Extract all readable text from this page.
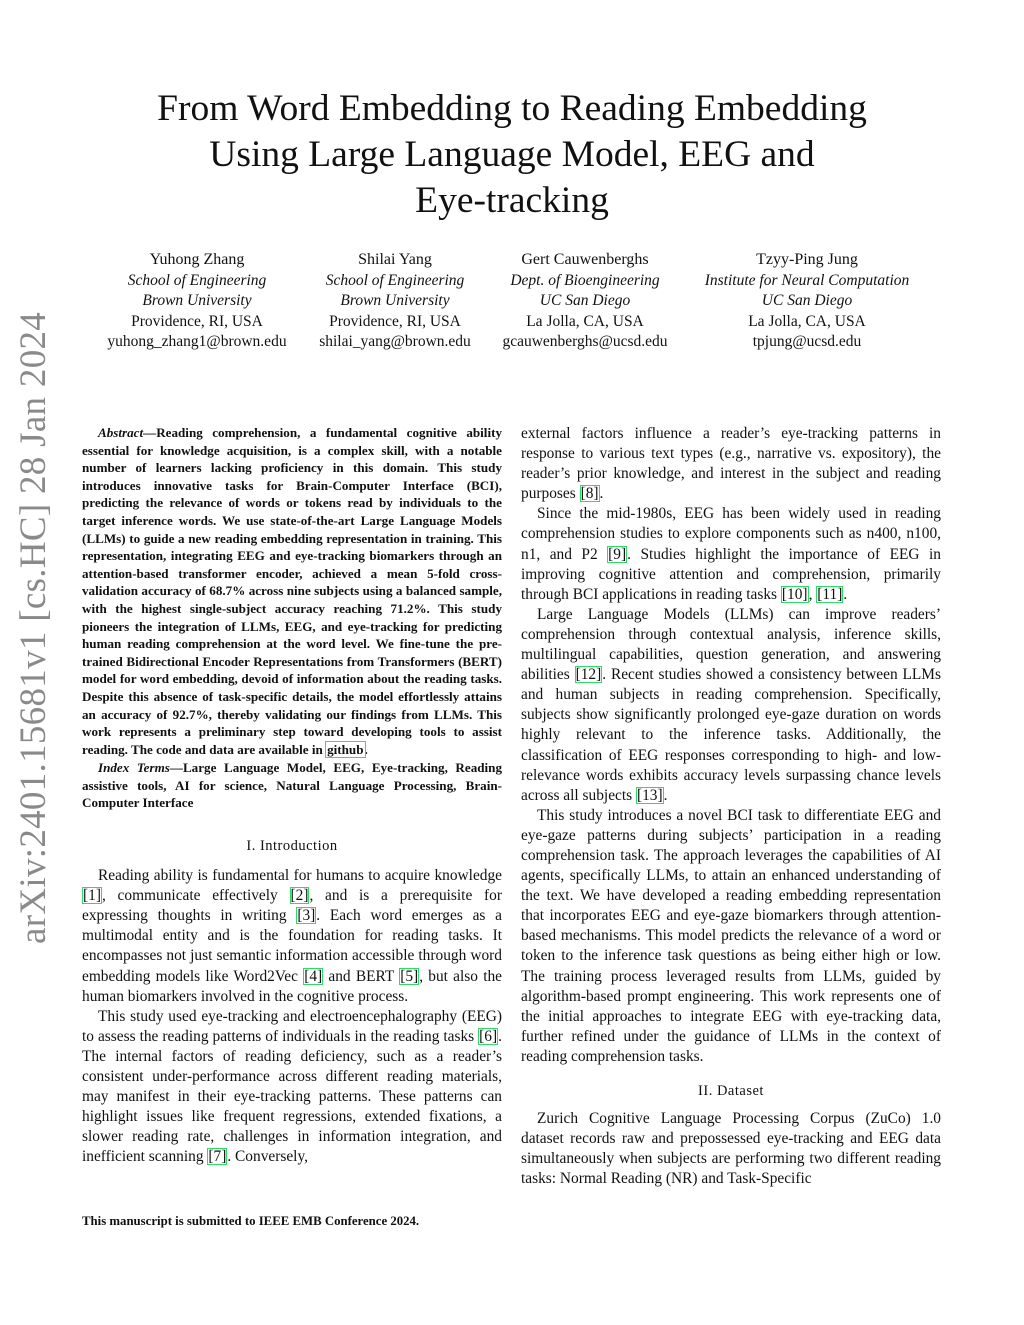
arXiv:2401.15681v1 [cs.HC] 28 Jan 2024
From Word Embedding to Reading Embedding
Using Large Language Model, EEG and
Eye-tracking
Yuhong Zhang
School of Engineering
Brown University
Providence, RI, USA
yuhong_zhang1@brown.edu
Shilai Yang
School of Engineering
Brown University
Providence, RI, USA
shilai_yang@brown.edu
Gert Cauwenberghs
Dept. of Bioengineering
UC San Diego
La Jolla, CA, USA
gcauwenberghs@ucsd.edu
Tzyy-Ping Jung
Institute for Neural Computation
UC San Diego
La Jolla, CA, USA
tpjung@ucsd.edu

Abstract—Reading comprehension, a fundamental cognitive ability essential for knowledge acquisition, is a complex skill, with a notable number of learners lacking proficiency in this domain. This study introduces innovative tasks for Brain-Computer Interface (BCI), predicting the relevance of words or tokens read by individuals to the target inference words. We use state-of-the-art Large Language Models (LLMs) to guide a new reading embedding representation in training. This representation, integrating EEG and eye-tracking biomarkers through an attention-based transformer encoder, achieved a mean 5-fold cross-validation accuracy of 68.7% across nine subjects using a balanced sample, with the highest single-subject accuracy reaching 71.2%. This study pioneers the integration of LLMs, EEG, and eye-tracking for predicting human reading comprehension at the word level. We fine-tune the pre-trained Bidirectional Encoder Representations from Transformers (BERT) model for word embedding, devoid of information about the reading tasks. Despite this absence of task-specific details, the model effortlessly attains an accuracy of 92.7%, thereby validating our findings from LLMs. This work represents a preliminary step toward developing tools to assist reading. The code and data are available in github.

Index Terms—Large Language Model, EEG, Eye-tracking, Reading assistive tools, AI for science, Natural Language Processing, Brain-Computer Interface

I. Introduction

Reading ability is fundamental for humans to acquire knowledge [1], communicate effectively [2], and is a prerequisite for expressing thoughts in writing [3]. Each word emerges as a multimodal entity and is the foundation for reading tasks. It encompasses not just semantic information accessible through word embedding models like Word2Vec [4] and BERT [5], but also the human biomarkers involved in the cognitive process.

This study used eye-tracking and electroencephalography (EEG) to assess the reading patterns of individuals in the reading tasks [6]. The internal factors of reading deficiency, such as a reader’s consistent under-performance across different reading materials, may manifest in their eye-tracking patterns. These patterns can highlight issues like frequent regressions, extended fixations, a slower reading rate, challenges in information integration, and inefficient scanning [7]. Conversely,

external factors influence a reader’s eye-tracking patterns in response to various text types (e.g., narrative vs. expository), the reader’s prior knowledge, and interest in the subject and reading purposes [8].

Since the mid-1980s, EEG has been widely used in reading comprehension studies to explore components such as n400, n100, n1, and P2 [9]. Studies highlight the importance of EEG in improving cognitive attention and comprehension, primarily through BCI applications in reading tasks [10], [11].

Large Language Models (LLMs) can improve readers’ comprehension through contextual analysis, inference skills, multilingual capabilities, question generation, and answering abilities [12]. Recent studies showed a consistency between LLMs and human subjects in reading comprehension. Specifically, subjects show significantly prolonged eye-gaze duration on words highly relevant to the inference tasks. Additionally, the classification of EEG responses corresponding to high- and low-relevance words exhibits accuracy levels surpassing chance levels across all subjects [13].

This study introduces a novel BCI task to differentiate EEG and eye-gaze patterns during subjects’ participation in a reading comprehension task. The approach leverages the capabilities of AI agents, specifically LLMs, to attain an enhanced understanding of the text. We have developed a reading embedding representation that incorporates EEG and eye-gaze biomarkers through attention-based mechanisms. This model predicts the relevance of a word or token to the inference task questions as being either high or low. The training process leveraged results from LLMs, guided by algorithm-based prompt engineering. This work represents one of the initial approaches to integrate EEG with eye-tracking data, further refined under the guidance of LLMs in the context of reading comprehension tasks.

II. Dataset

Zurich Cognitive Language Processing Corpus (ZuCo) 1.0 dataset records raw and prepossessed eye-tracking and EEG data simultaneously when subjects are performing two different reading tasks: Normal Reading (NR) and Task-Specific

This manuscript is submitted to IEEE EMB Conference 2024.
